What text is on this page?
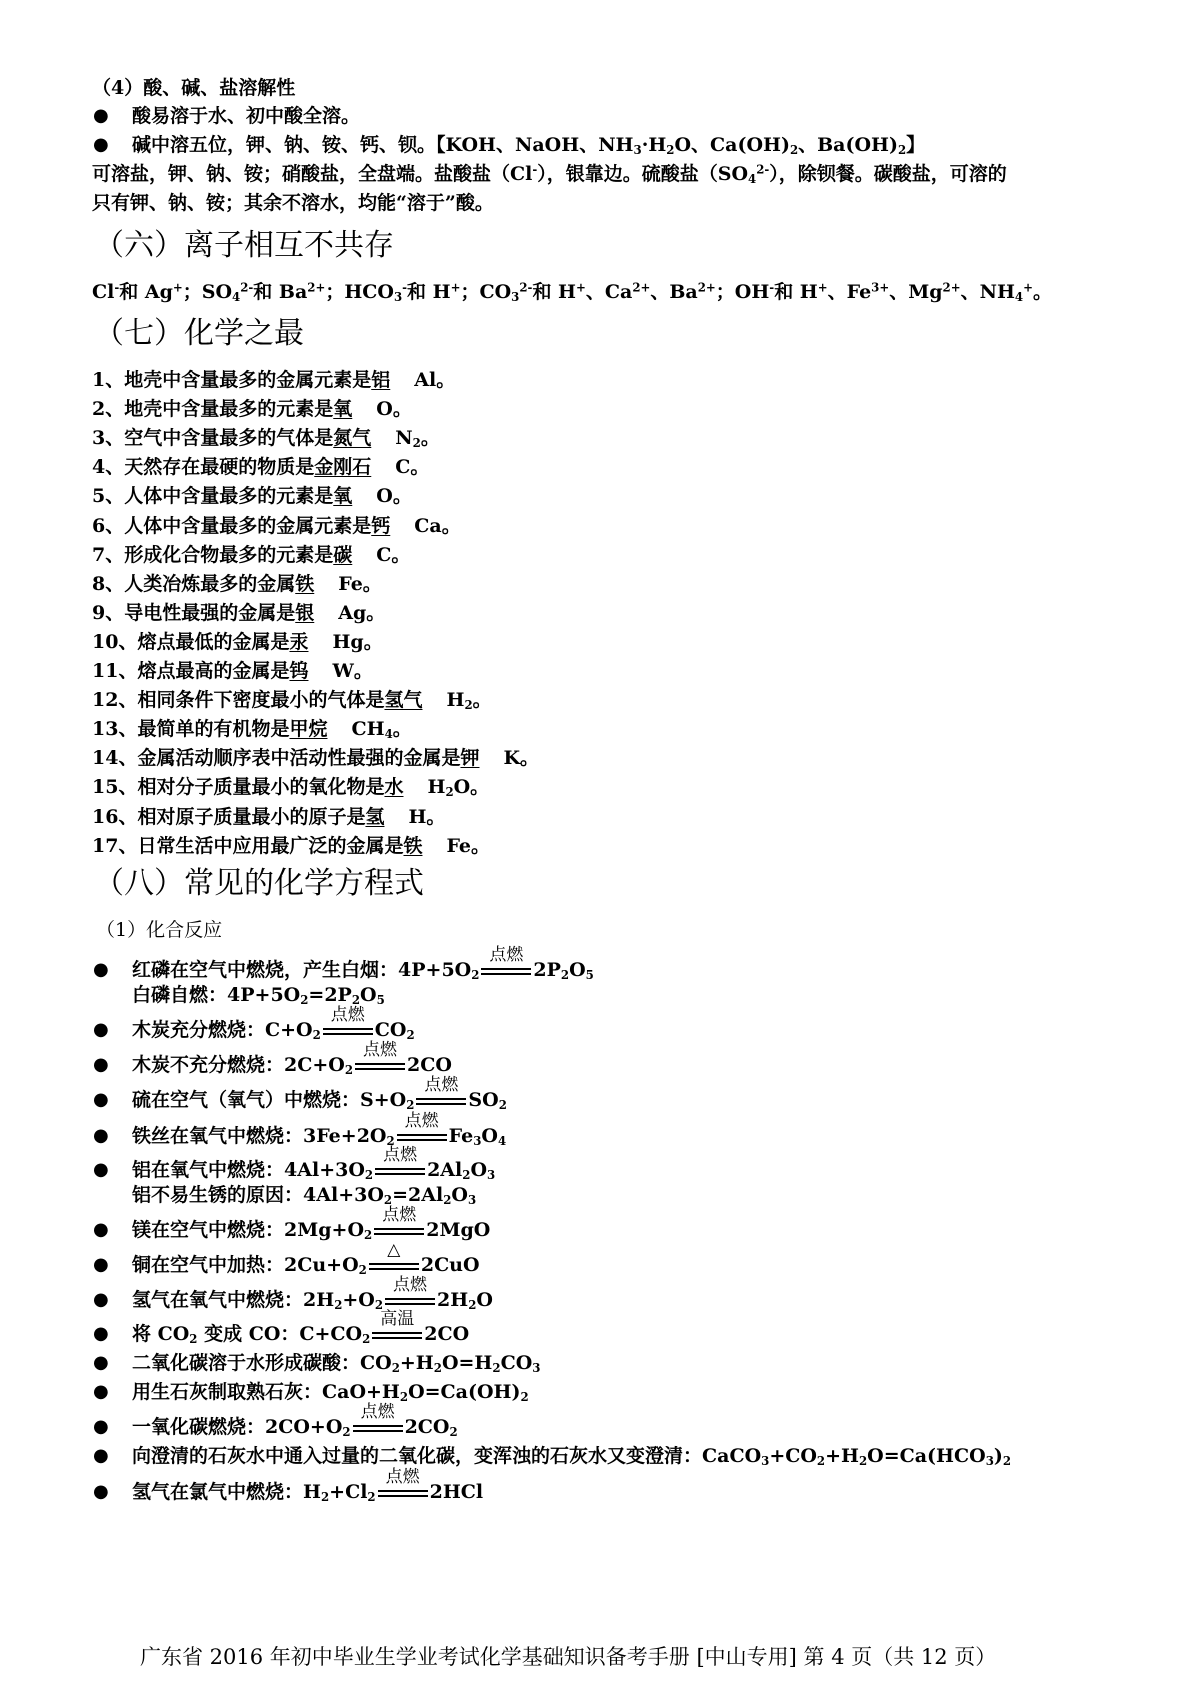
（4）酸、碱、盐溶解性
● 酸易溶于水、初中酸全溶。
● 碱中溶五位，钾、钠、铵、钙、钡。【KOH、NaOH、$NH_3\cdot H_2O$、$Ca(OH)_2$、$Ba(OH)_2$】
可溶盐，钾、钠、铵；硝酸盐，全盘端。盐酸盐（Cl-），银靠边。硫酸盐$(SO_4^{2-})$，除钡餐。碳酸盐，可溶的
只有钾、钠、铵；其余不溶水，均能“溶于”酸。
（六）离子相互不共存
Cl-和 Ag+；$SO_4^{2-}$和 $Ba^{2+}$；$HCO_3^-$和 H+；$CO_3^{2-}$和 H+、$Ca^{2+}$、$Ba^{2+}$；OH-和 H+、$Fe^{3+}$、$Mg^{2+}$、$NH_4^+$。
（七）化学之最
1、地壳中含量最多的金属元素是铝 Al。
2、地壳中含量最多的元素是氧 O。
3、空气中含量最多的气体是氮气 $N_2$。
4、天然存在最硬的物质是金刚石 C。
5、人体中含量最多的元素是氧 O。
6、人体中含量最多的金属元素是钙 Ca。
7、形成化合物最多的元素是碳 C。
8、人类冶炼最多的金属铁 Fe。
9、导电性最强的金属是银 Ag。
10、熔点最低的金属是汞 Hg。
11、熔点最高的金属是钨 W。
12、相同条件下密度最小的气体是氢气 $H_2$。
13、最简单的有机物是甲烷 $CH_4$。
14、金属活动顺序表中活动性最强的金属是钾 K。
15、相对分子质量最小的氧化物是水 $H_2O$。
16、相对原子质量最小的原子是氢 H。
17、日常生活中应用最广泛的金属是铁 Fe。
（八）常见的化学方程式
（1）化合反应
● 红磷在空气中燃烧，产生白烟：$4P+5O_2$
点燃
$2P_2O_5$
白磷自燃：$4P+5O_2=2P_2O_5$
● 木炭充分燃烧：$C+O_2$
点燃
$CO_2$
● 木炭不充分燃烧：$2C+O_2$
点燃
2CO
● 硫在空气（氧气）中燃烧：$S+O_2$
点燃
$SO_2$
● 铁丝在氧气中燃烧：$3Fe+2O_2$
点燃
$Fe_3O_4$
● 铝在氧气中燃烧：$4Al+3O_2$
点燃
$2Al_2O_3$
铝不易生锈的原因：$4Al+3O_2=2Al_2O_3$
● 镁在空气中燃烧：$2Mg+O_2$
点燃
2MgO
● 铜在空气中加热：$2Cu+O_2$
△
2CuO
● 氢气在氧气中燃烧：$2H_2+O_2$
点燃
$2H_2O$
● 将 $CO_2$ 变成 CO：$C+CO_2$
高温
2CO
● 二氧化碳溶于水形成碳酸：$CO_2+H_2O=H_2CO_3$
● 用生石灰制取熟石灰：$CaO+H_2O=Ca(OH)_2$
● 一氧化碳燃烧：$2CO+O_2$
点燃
$2CO_2$
● 向澄清的石灰水中通入过量的二氧化碳，变浑浊的石灰水又变澄清：$CaCO_3+CO_2+H_2O=Ca(HCO_3)_2$
● 氢气在氯气中燃烧：$H_2+Cl_2$
点燃
2HCl
广东省 2016 年初中毕业生学业考试化学基础知识备考手册 [中山专用] 第 4 页（共 12 页）
